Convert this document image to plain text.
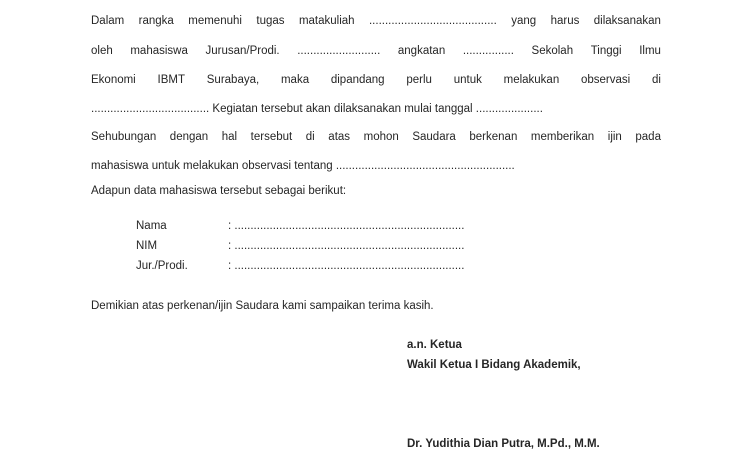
Dalam rangka memenuhi tugas matakuliah ........................................ yang harus dilaksanakan
oleh mahasiswa Jurusan/Prodi. .......................... angkatan ................ Sekolah Tinggi Ilmu
Ekonomi IBMT Surabaya, maka dipandang perlu untuk melakukan observasi di
..................................... Kegiatan tersebut akan dilaksanakan mulai tanggal .....................
Sehubungan dengan hal tersebut di atas mohon Saudara berkenan memberikan ijin pada
mahasiswa untuk melakukan observasi tentang ........................................................
Adapun data mahasiswa tersebut sebagai berikut:
Nama	: ........................................................................
NIM	: ........................................................................
Jur./Prodi.	: ........................................................................
Demikian atas perkenan/ijin Saudara kami sampaikan terima kasih.
a.n. Ketua
Wakil Ketua I Bidang Akademik,
Dr. Yudithia Dian Putra, M.Pd., M.M.
